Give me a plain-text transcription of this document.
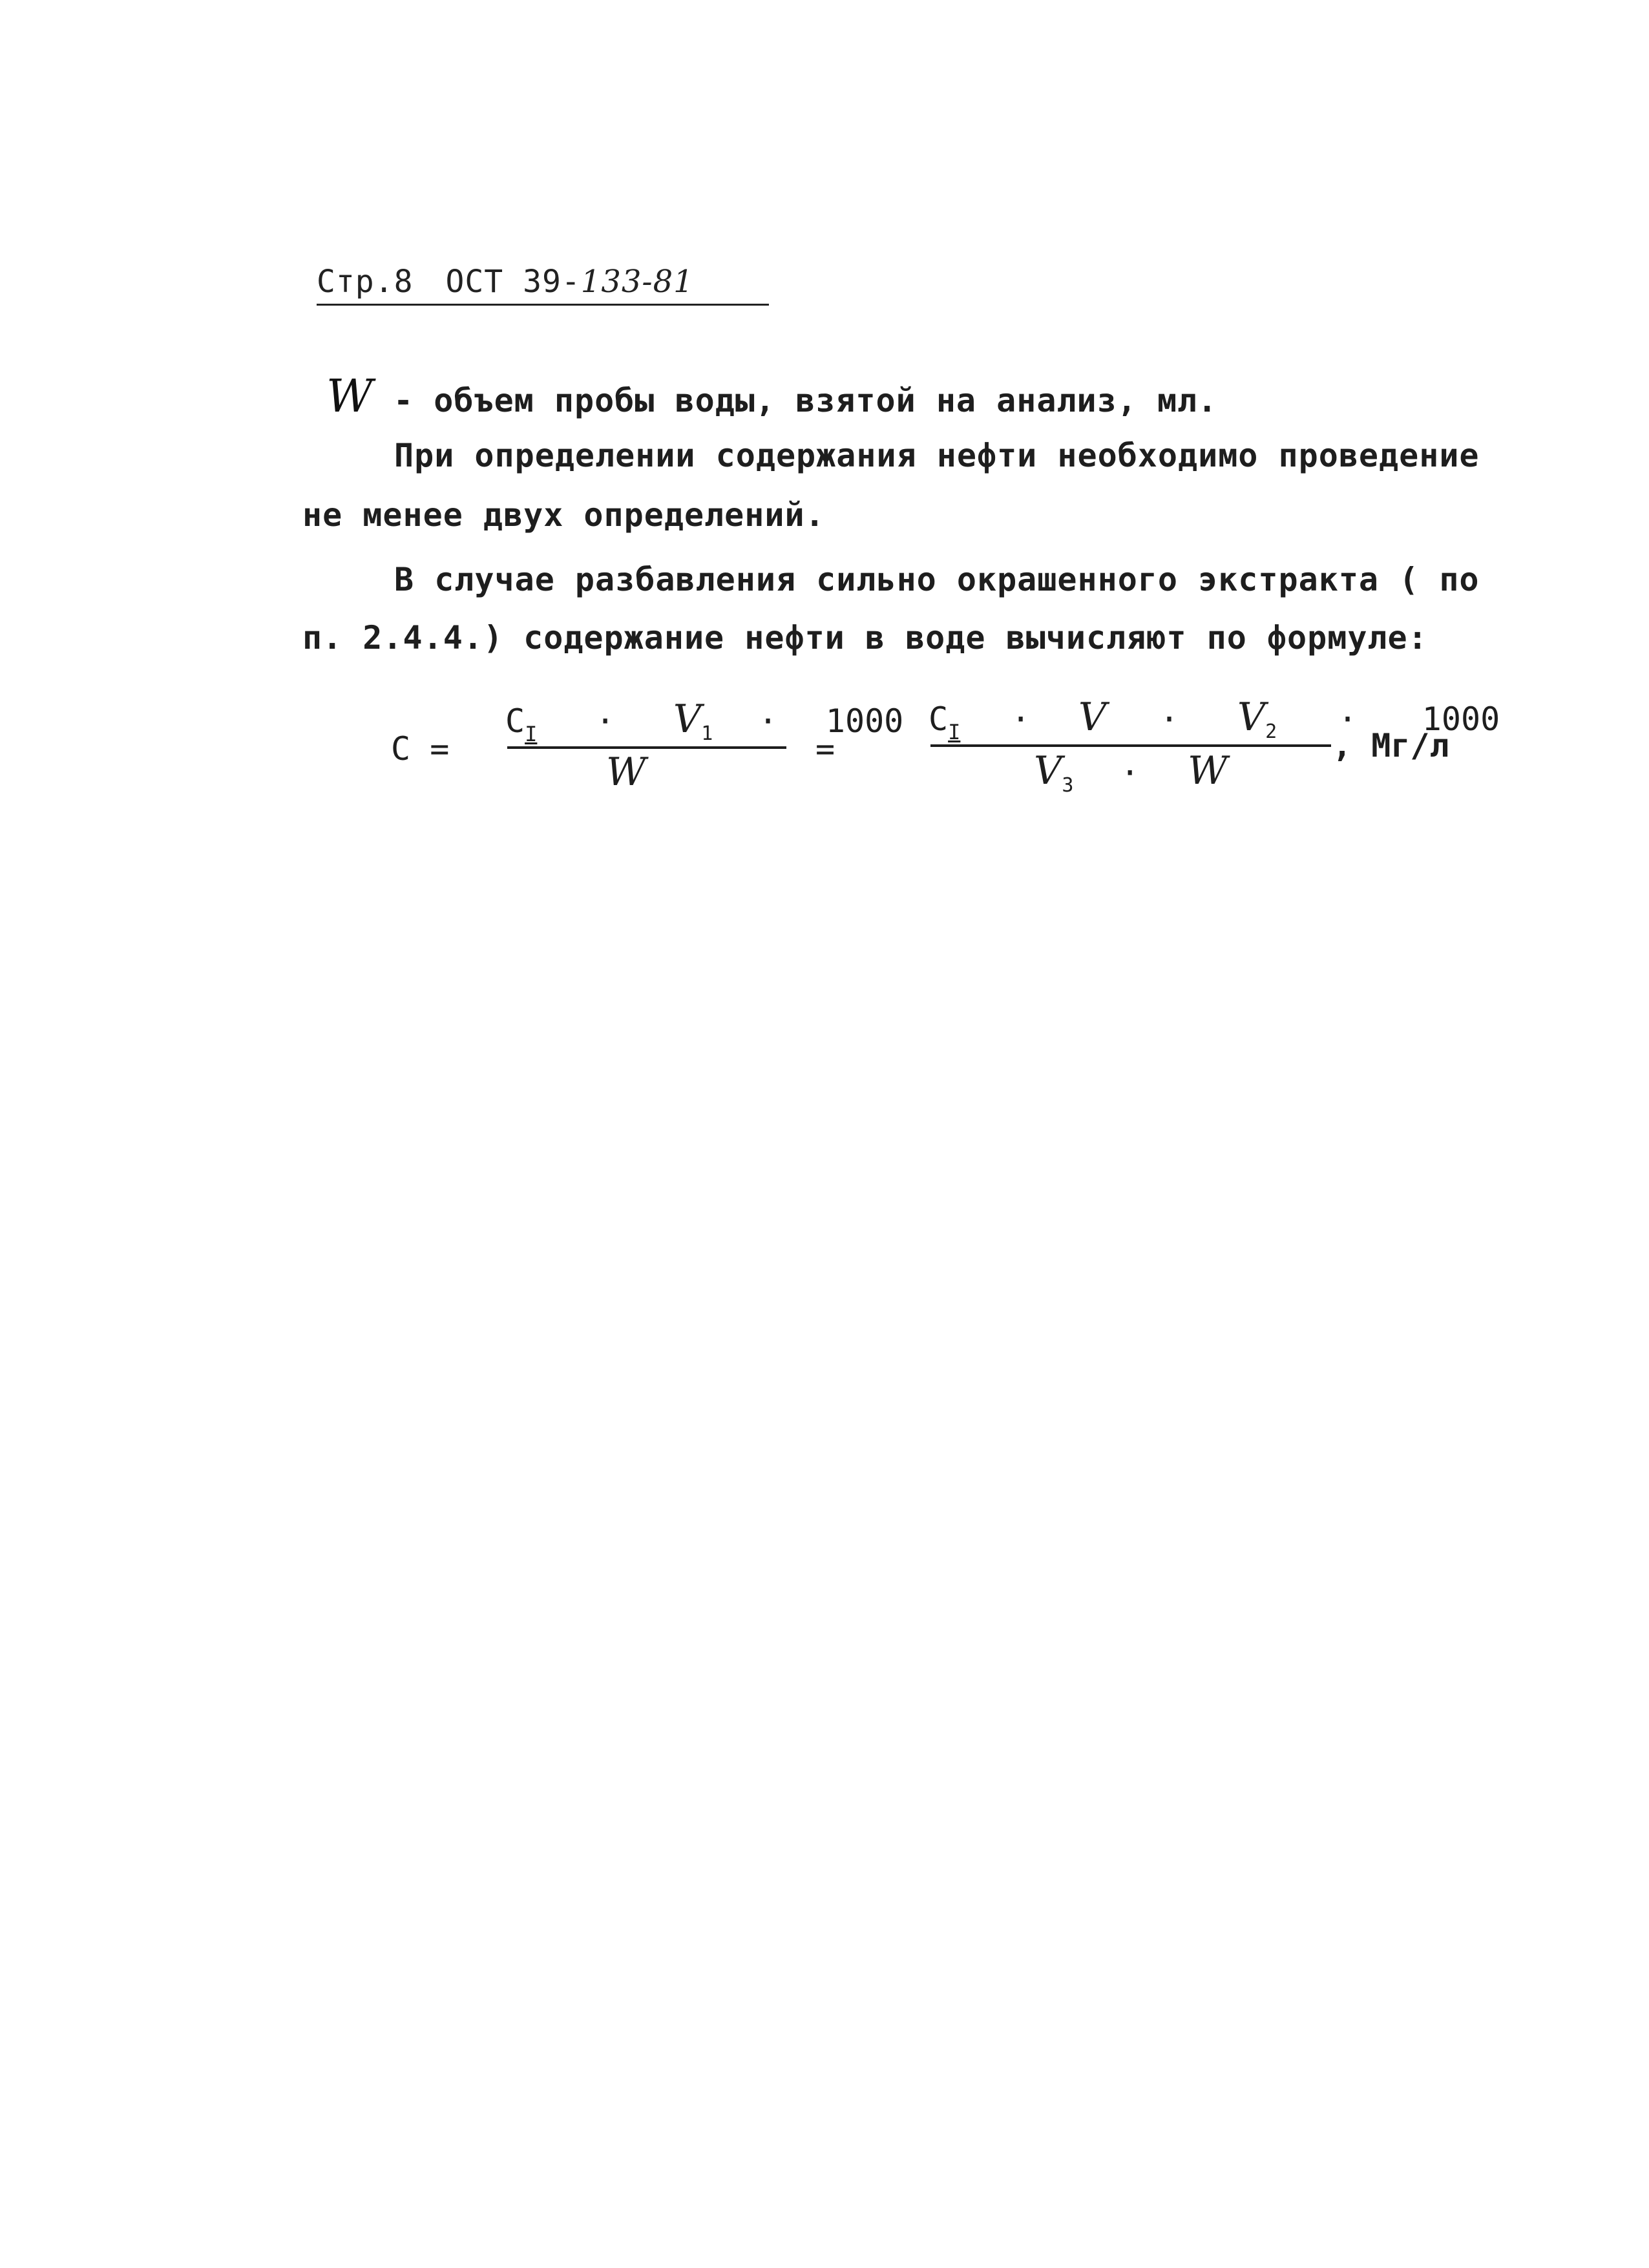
Стр.8 ОСТ 39-133-81
W - объем пробы воды, взятой на анализ, мл.
При определении содержания нефти необходимо проведение
не менее двух определений.
В случае разбавления сильно окрашенного экстракта ( по
п. 2.4.4.) содержание нефти в воде вычисляют по формуле:
C =
$C_I \cdot V_1 \cdot 1000$
W
=
$C_I \cdot V \cdot V_2 \cdot 1000$
$V_3 \cdot W$
, Мг/л
